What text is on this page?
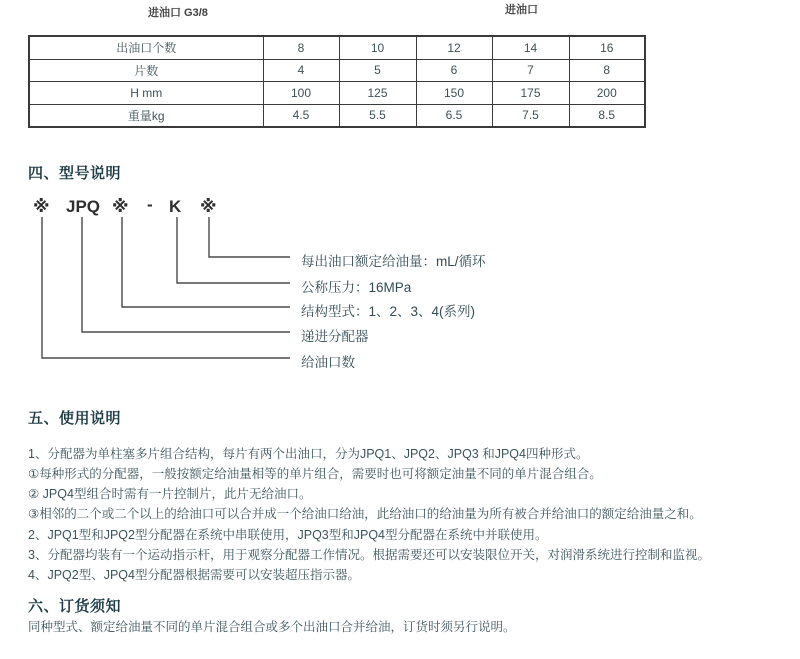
进油口 G3/8	进油口
出油口个数	8	10	12	14	16
片数	4	5	6	7	8
H mm	100	125	150	175	200
重量kg	4.5	5.5	6.5	7.5	8.5
四、型号说明
※ JPQ ※ - K ※
每出油口额定给油量：mL/循环
公称压力：16MPa
结构型式：1、2、3、4(系列)
递进分配器
给油口数
五、使用说明
1、分配器为单柱塞多片组合结构，每片有两个出油口，分为JPQ1、JPQ2、JPQ3 和JPQ4四种形式。
①每种形式的分配器，一般按额定给油量相等的单片组合，需要时也可将额定油量不同的单片混合组合。
② JPQ4型组合时需有一片控制片，此片无给油口。
③相邻的二个或二个以上的给油口可以合并成一个给油口给油，此给油口的给油量为所有被合并给油口的额定给油量之和。
2、JPQ1型和JPQ2型分配器在系统中串联使用，JPQ3型和JPQ4型分配器在系统中并联使用。
3、分配器均装有一个运动指示杆，用于观察分配器工作情况。根据需要还可以安装限位开关，对润滑系统进行控制和监视。
4、JPQ2型、JPQ4型分配器根据需要可以安装超压指示器。
六、订货须知
同种型式、额定给油量不同的单片混合组合或多个出油口合并给油，订货时须另行说明。
